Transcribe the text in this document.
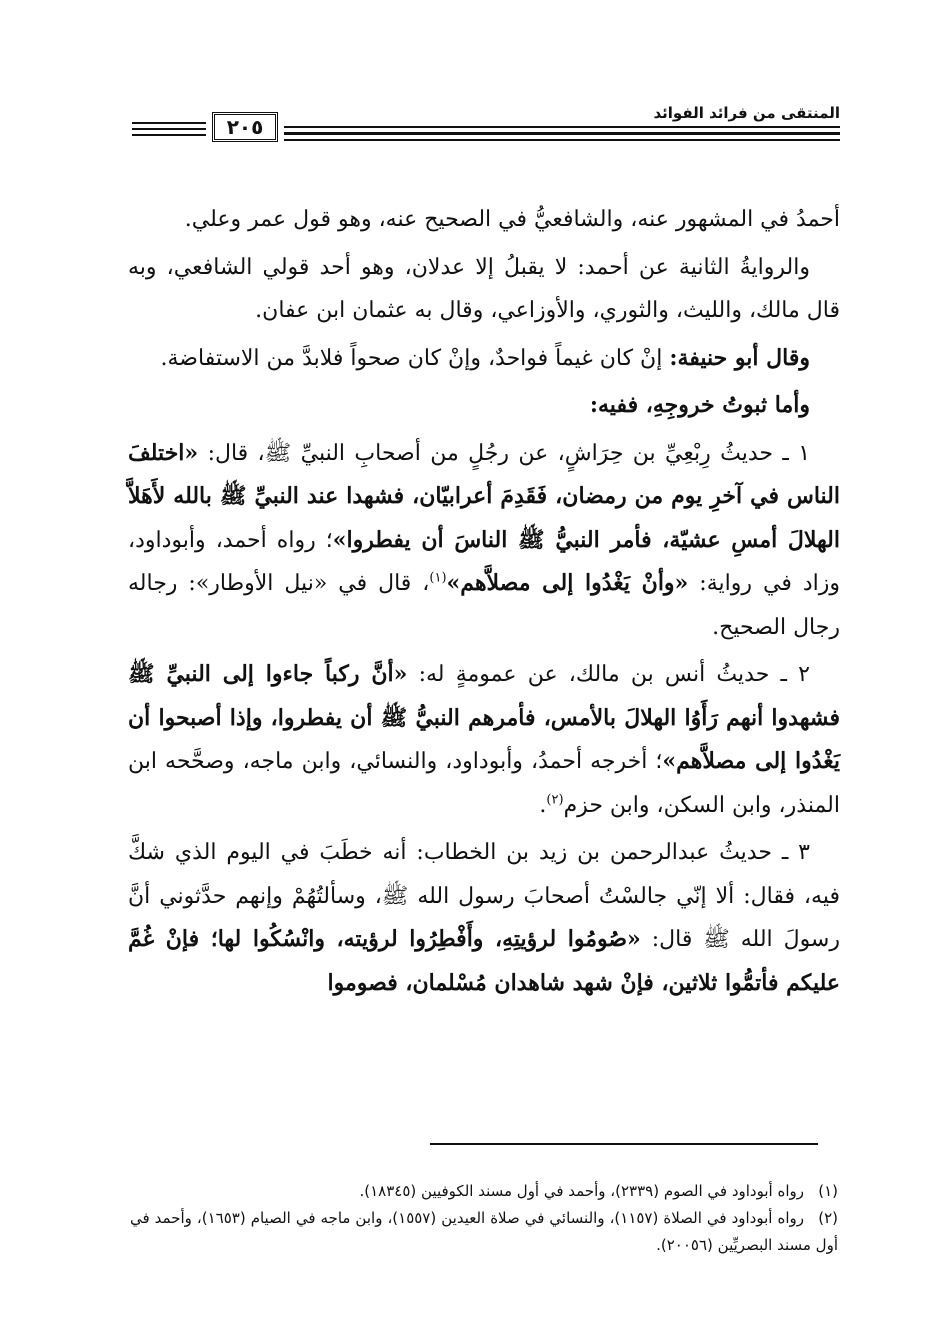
المنتقى من فرائد الفوائد
٢٠٥

أحمدُ في المشهور عنه، والشافعيُّ في الصحيح عنه، وهو قول عمر وعلي.

والروايةُ الثانية عن أحمد: لا يقبلُ إلا عدلان، وهو أحد قولي الشافعي، وبه قال مالك، والليث، والثوري، والأوزاعي، وقال به عثمان ابن عفان.

وقال أبو حنيفة: إنْ كان غيماً فواحدٌ، وإنْ كان صحواً فلابدَّ من الاستفاضة.

وأما ثبوتُ خروجِهِ، ففيه:

١ ـ حديثُ رِبْعِيِّ بن حِرَاشٍ، عن رجُلٍ من أصحابِ النبيِّ ﷺ، قال: «اختلفَ الناس في آخرِ يوم من رمضان، فَقَدِمَ أعرابيّان، فشهدا عند النبيِّ ﷺ بالله لأَهَلاَّ الهلالَ أمسِ عشيّة، فأمر النبيُّ ﷺ الناسَ أن يفطروا»؛ رواه أحمد، وأبوداود، وزاد في رواية: «وأنْ يَغْدُوا إلى مصلاَّهم»$^{(١)}$، قال في «نيل الأوطار»: رجاله رجال الصحيح.

٢ ـ حديثُ أنس بن مالك، عن عمومةٍ له: «أنَّ ركباً جاءوا إلى النبيِّ ﷺ فشهدوا أنهم رَأَوُا الهلالَ بالأمس، فأمرهم النبيُّ ﷺ أن يفطروا، وإذا أصبحوا أن يَغْدُوا إلى مصلاَّهم»؛ أخرجه أحمدُ، وأبوداود، والنسائي، وابن ماجه، وصحَّحه ابن المنذر، وابن السكن، وابن حزم$^{(٢)}$.

٣ ـ حديثُ عبدالرحمن بن زيد بن الخطاب: أنه خطَبَ في اليوم الذي شكَّ فيه، فقال: ألا إنّي جالسْتُ أصحابَ رسول الله ﷺ، وسألتُهُمْ وإنهم حدَّثوني أنَّ رسولَ الله ﷺ قال: «صُومُوا لرؤيتِهِ، وأَفْطِرُوا لرؤيته، وانْسُكُوا لها؛ فإنْ غُمَّ عليكم فأتمُّوا ثلاثين، فإنْ شهد شاهدان مُسْلمان، فصوموا

(١)رواه أبوداود في الصوم (٢٣٣٩)، وأحمد في أول مسند الكوفيين (١٨٣٤٥).

(٢)رواه أبوداود في الصلاة (١١٥٧)، والنسائي في صلاة العيدين (١٥٥٧)، وابن ماجه في الصيام (١٦٥٣)، وأحمد في أول مسند البصريِّين (٢٠٠٥٦).
